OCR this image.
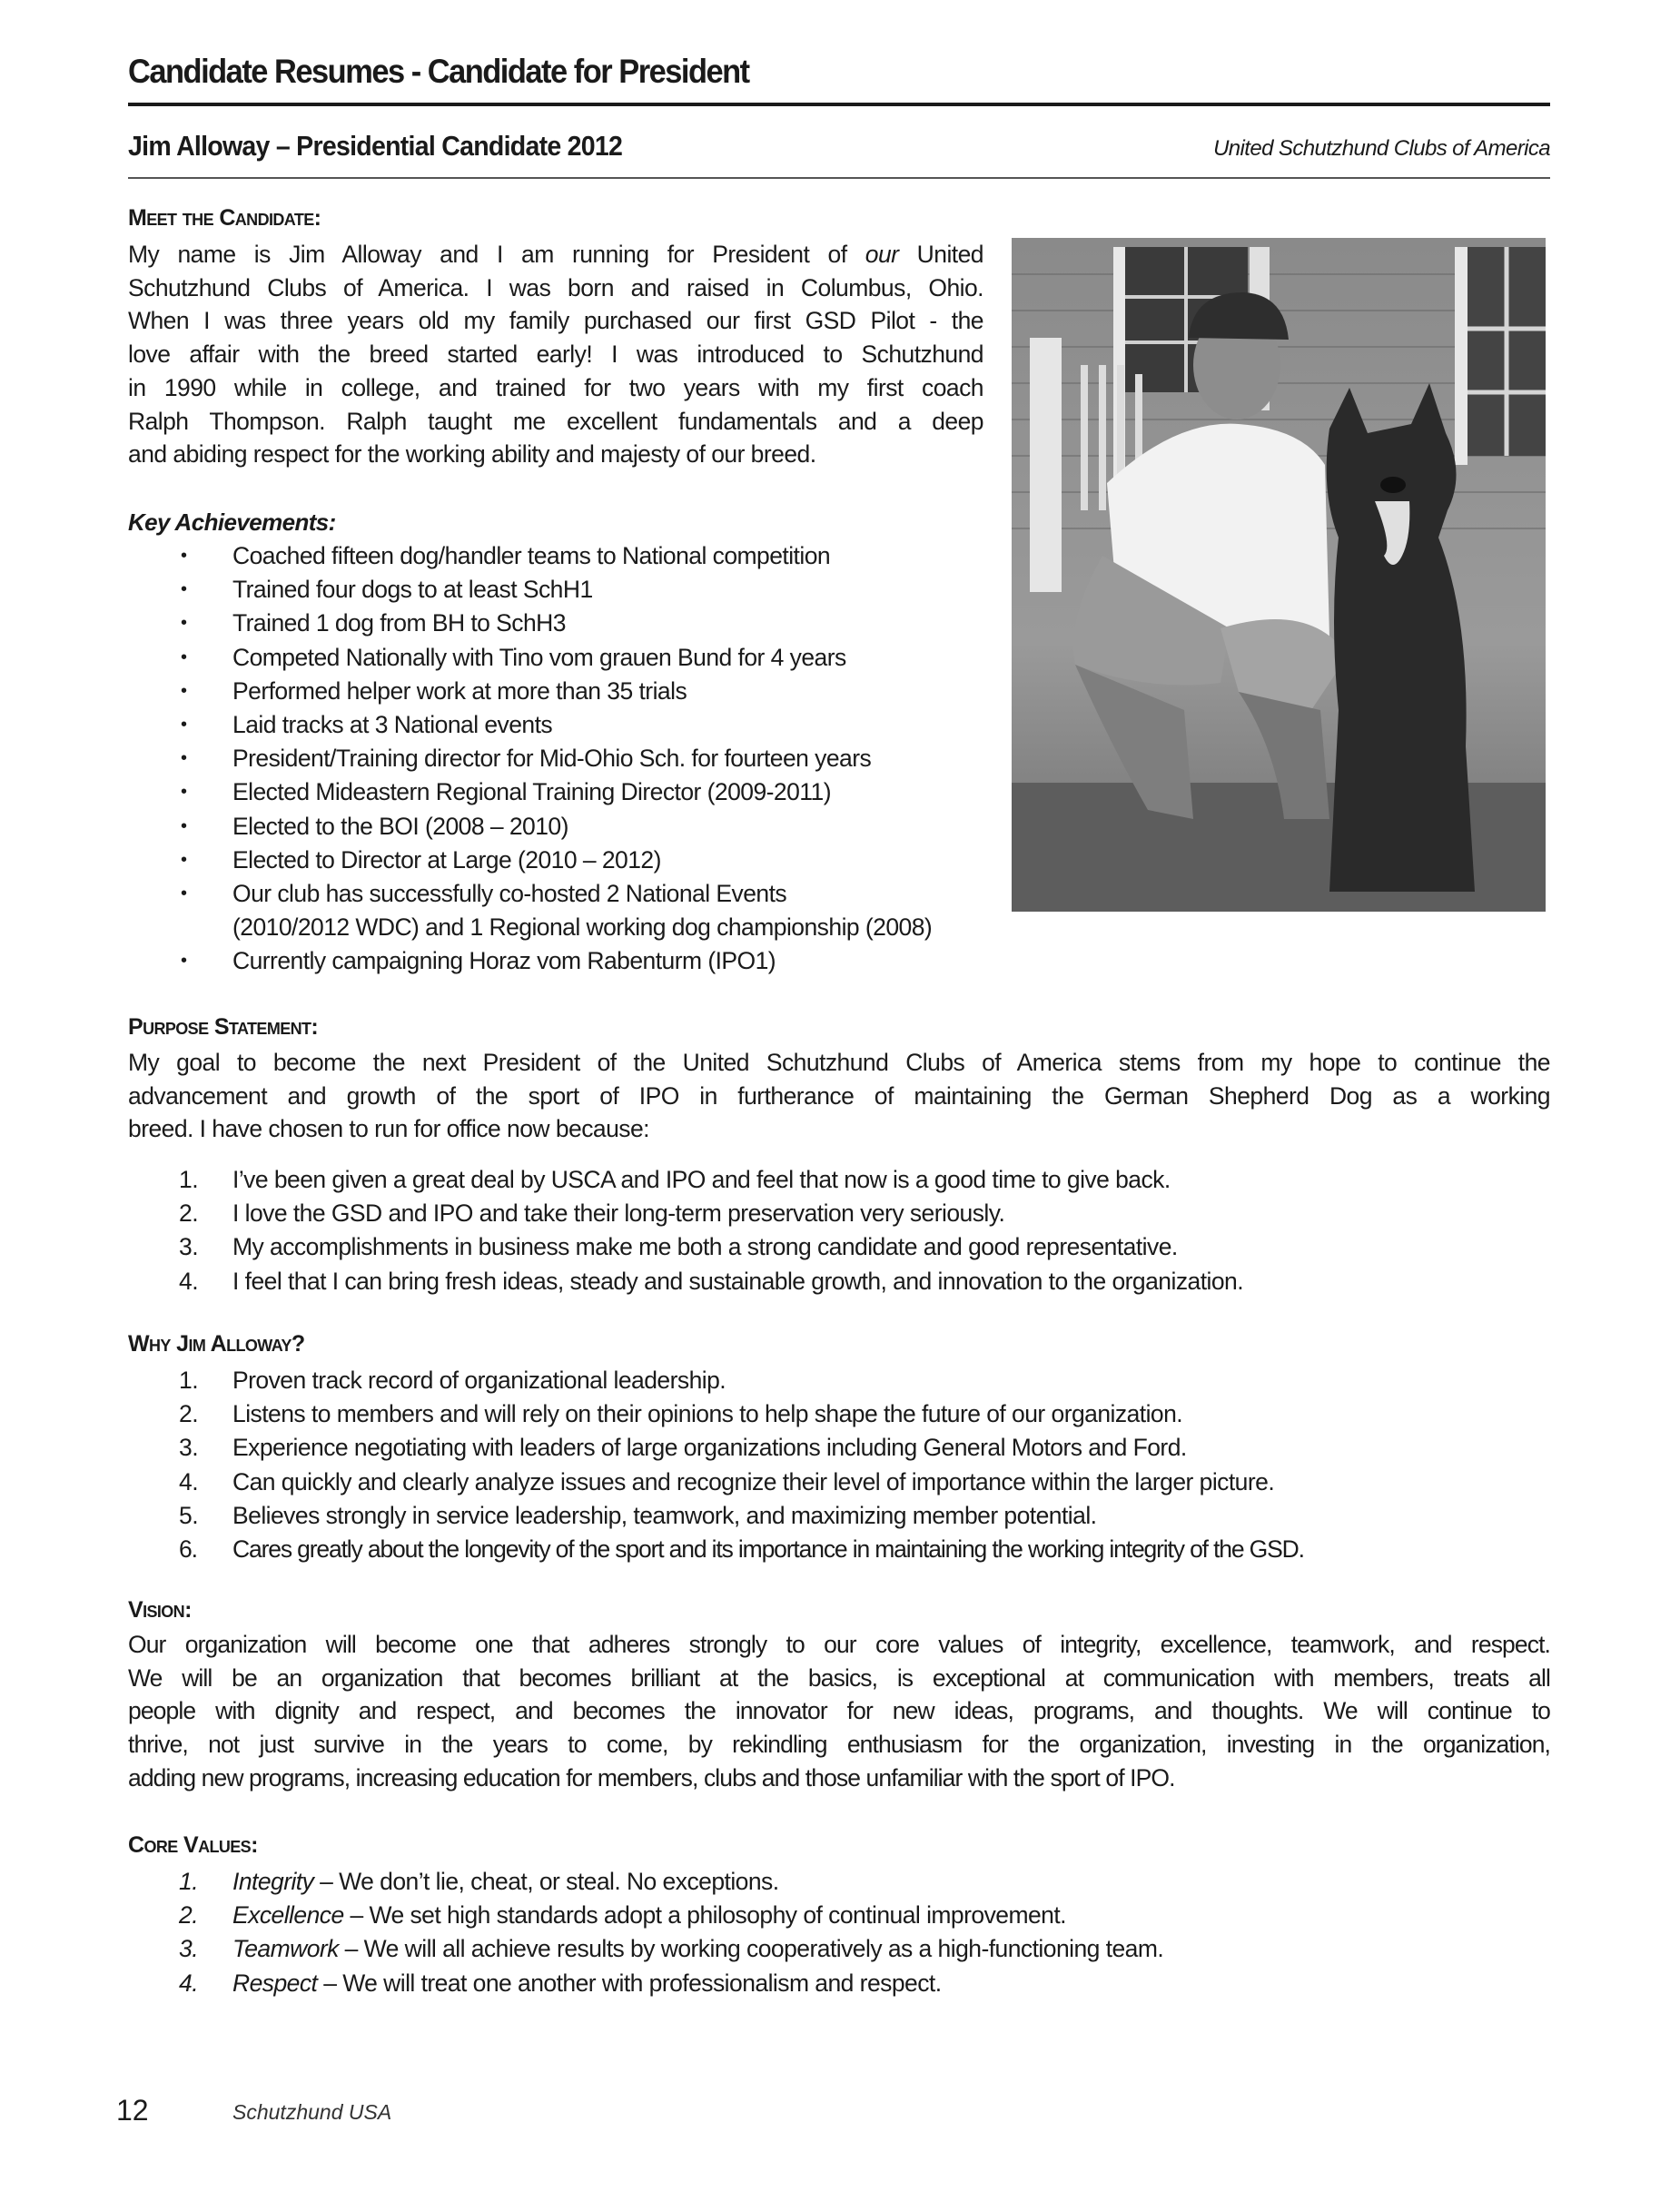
Candidate Resumes - Candidate for President
Jim Alloway – Presidential Candidate 2012	United Schutzhund Clubs of America
Meet the Candidate:
My name is Jim Alloway and I am running for President of our United
Schutzhund Clubs of America. I was born and raised in Columbus, Ohio.
When I was three years old my family purchased our first GSD Pilot - the
love affair with the breed started early! I was introduced to Schutzhund
in 1990 while in college, and trained for two years with my first coach
Ralph Thompson. Ralph taught me excellent fundamentals and a deep
and abiding respect for the working ability and majesty of our breed.
Key Achievements:
•	Coached fifteen dog/handler teams to National competition
•	Trained four dogs to at least SchH1
•	Trained 1 dog from BH to SchH3
•	Competed Nationally with Tino vom grauen Bund for 4 years
•	Performed helper work at more than 35 trials
•	Laid tracks at 3 National events
•	President/Training director for Mid-Ohio Sch. for fourteen years
•	Elected Mideastern Regional Training Director (2009-2011)
•	Elected to the BOI (2008 – 2010)
•	Elected to Director at Large (2010 – 2012)
•	Our club has successfully co-hosted 2 National Events
(2010/2012 WDC) and 1 Regional working dog championship (2008)
•	Currently campaigning Horaz vom Rabenturm (IPO1)
Purpose Statement:
My goal to become the next President of the United Schutzhund Clubs of America stems from my hope to continue the
advancement and growth of the sport of IPO in furtherance of maintaining the German Shepherd Dog as a working
breed. I have chosen to run for office now because:
1.	I’ve been given a great deal by USCA and IPO and feel that now is a good time to give back.
2.	I love the GSD and IPO and take their long-term preservation very seriously.
3.	My accomplishments in business make me both a strong candidate and good representative.
4.	I feel that I can bring fresh ideas, steady and sustainable growth, and innovation to the organization.
Why Jim Alloway?
1.	Proven track record of organizational leadership.
2.	Listens to members and will rely on their opinions to help shape the future of our organization.
3.	Experience negotiating with leaders of large organizations including General Motors and Ford.
4.	Can quickly and clearly analyze issues and recognize their level of importance within the larger picture.
5.	Believes strongly in service leadership, teamwork, and maximizing member potential.
6.	Cares greatly about the longevity of the sport and its importance in maintaining the working integrity of the GSD.
Vision:
Our organization will become one that adheres strongly to our core values of integrity, excellence, teamwork, and respect.
We will be an organization that becomes brilliant at the basics, is exceptional at communication with members, treats all
people with dignity and respect, and becomes the innovator for new ideas, programs, and thoughts. We will continue to
thrive, not just survive in the years to come, by rekindling enthusiasm for the organization, investing in the organization,
adding new programs, increasing education for members, clubs and those unfamiliar with the sport of IPO.
Core Values:
1.	Integrity – We don’t lie, cheat, or steal. No exceptions.
2.	Excellence – We set high standards adopt a philosophy of continual improvement.
3.	Teamwork – We will all achieve results by working cooperatively as a high-functioning team.
4.	Respect – We will treat one another with professionalism and respect.
12	Schutzhund USA
